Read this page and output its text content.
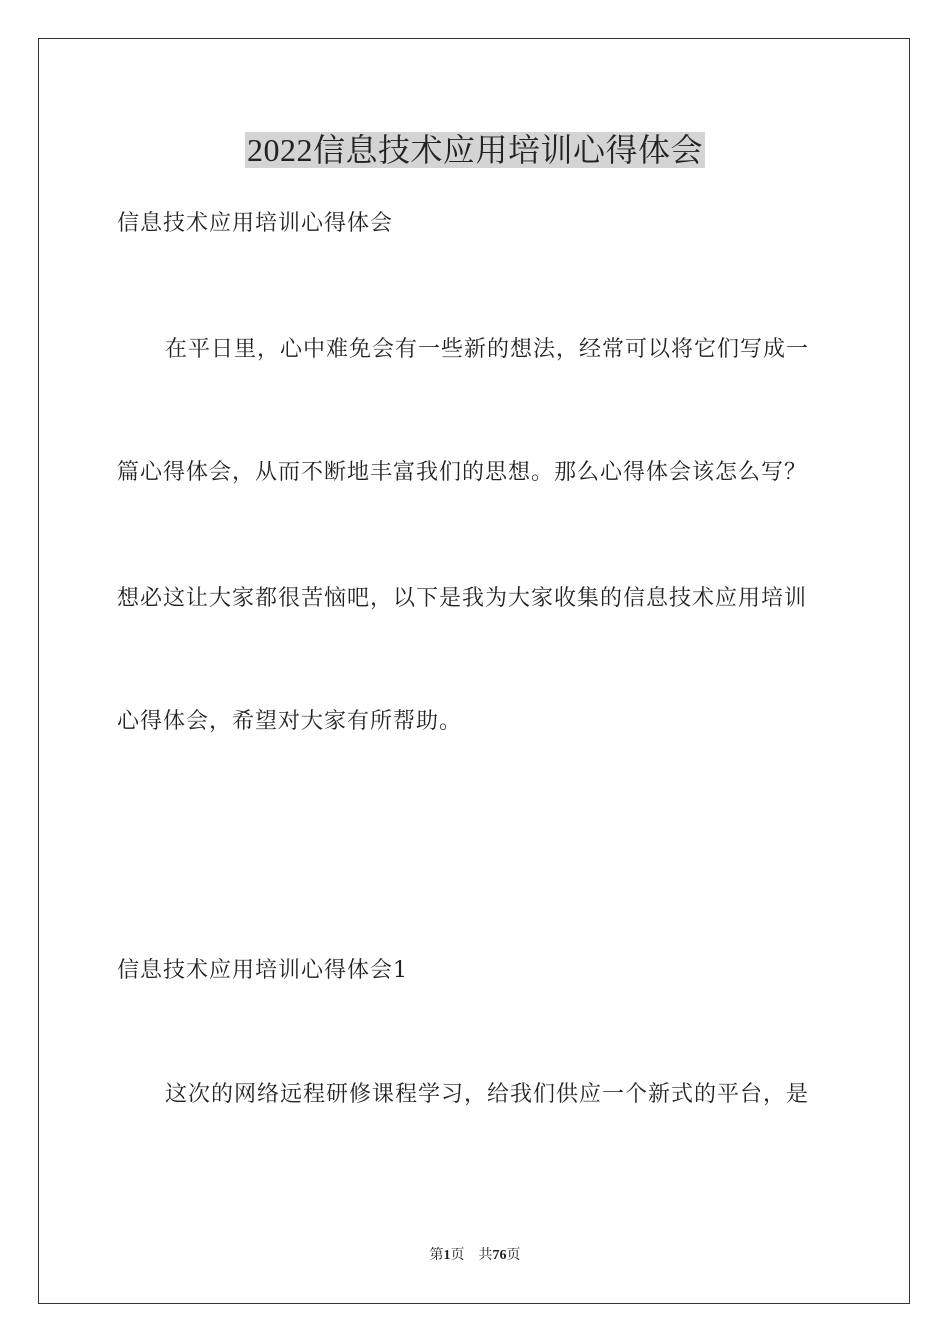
2022信息技术应用培训心得体会

信息技术应用培训心得体会

在平日里，心中难免会有一些新的想法，经常可以将它们写成一

篇心得体会，从而不断地丰富我们的思想。那么心得体会该怎么写？

想必这让大家都很苦恼吧，以下是我为大家收集的信息技术应用培训

心得体会，希望对大家有所帮助。

信息技术应用培训心得体会1

这次的网络远程研修课程学习，给我们供应一个新式的平台，是

第1页 共76页
